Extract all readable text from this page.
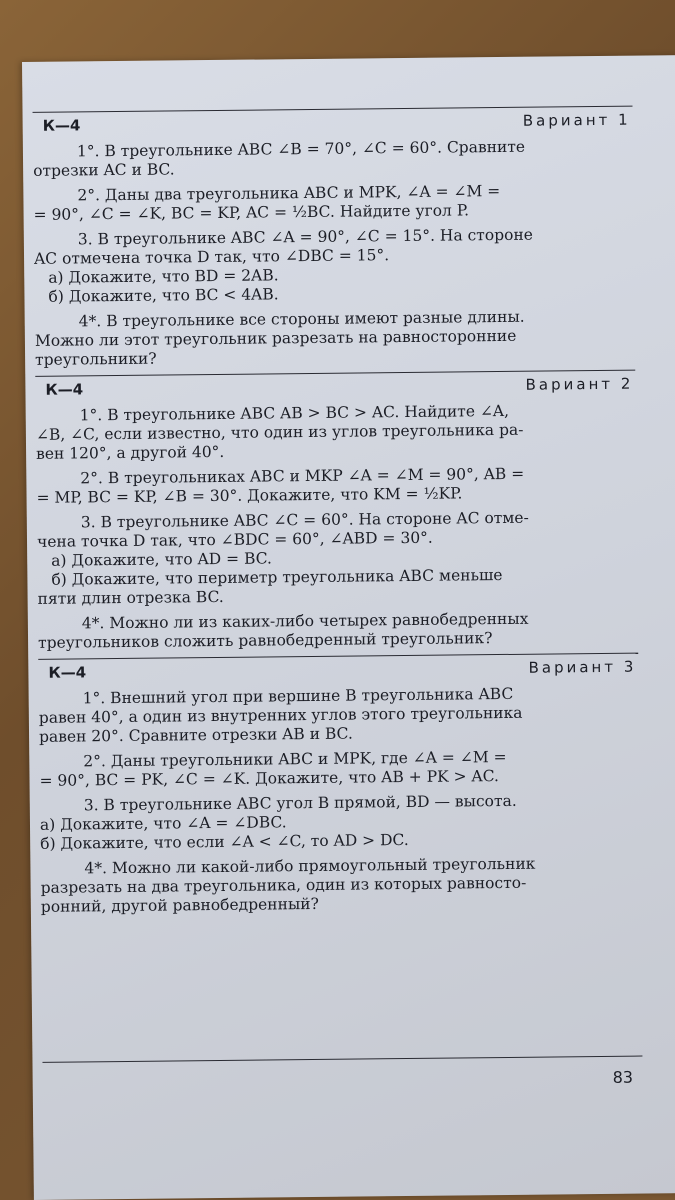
К—4	Вариант 1
1°. В треугольнике ABC ∠B = 70°, ∠C = 60°. Сравните
отрезки AC и BC.
2°. Даны два треугольника ABC и MPK, ∠A = ∠M =
= 90°, ∠C = ∠K, BC = KP, AC = ½BC. Найдите угол P.
3. В треугольнике ABC ∠A = 90°, ∠C = 15°. На стороне
AC отмечена точка D так, что ∠DBC = 15°.
а) Докажите, что BD = 2AB.
б) Докажите, что BC < 4AB.
4*. В треугольнике все стороны имеют разные длины.
Можно ли этот треугольник разрезать на равносторонние
треугольники?
К—4	Вариант 2
1°. В треугольнике ABC AB > BC > AC. Найдите ∠A,
∠B, ∠C, если известно, что один из углов треугольника ра-
вен 120°, а другой 40°.
2°. В треугольниках ABC и MKP ∠A = ∠M = 90°, AB =
= MP, BC = KP, ∠B = 30°. Докажите, что KM = ½KP.
3. В треугольнике ABC ∠C = 60°. На стороне AC отме-
чена точка D так, что ∠BDC = 60°, ∠ABD = 30°.
а) Докажите, что AD = BC.
б) Докажите, что периметр треугольника ABC меньше
пяти длин отрезка BC.
4*. Можно ли из каких-либо четырех равнобедренных
треугольников сложить равнобедренный треугольник?
К—4	Вариант 3
1°. Внешний угол при вершине B треугольника ABC
равен 40°, а один из внутренних углов этого треугольника
равен 20°. Сравните отрезки AB и BC.
2°. Даны треугольники ABC и MPK, где ∠A = ∠M =
= 90°, BC = PK, ∠C = ∠K. Докажите, что AB + PK > AC.
3. В треугольнике ABC угол B прямой, BD — высота.
а) Докажите, что ∠A = ∠DBC.
б) Докажите, что если ∠A < ∠C, то AD > DC.
4*. Можно ли какой-либо прямоугольный треугольник
разрезать на два треугольника, один из которых равносто-
ронний, другой равнобедренный?
83
